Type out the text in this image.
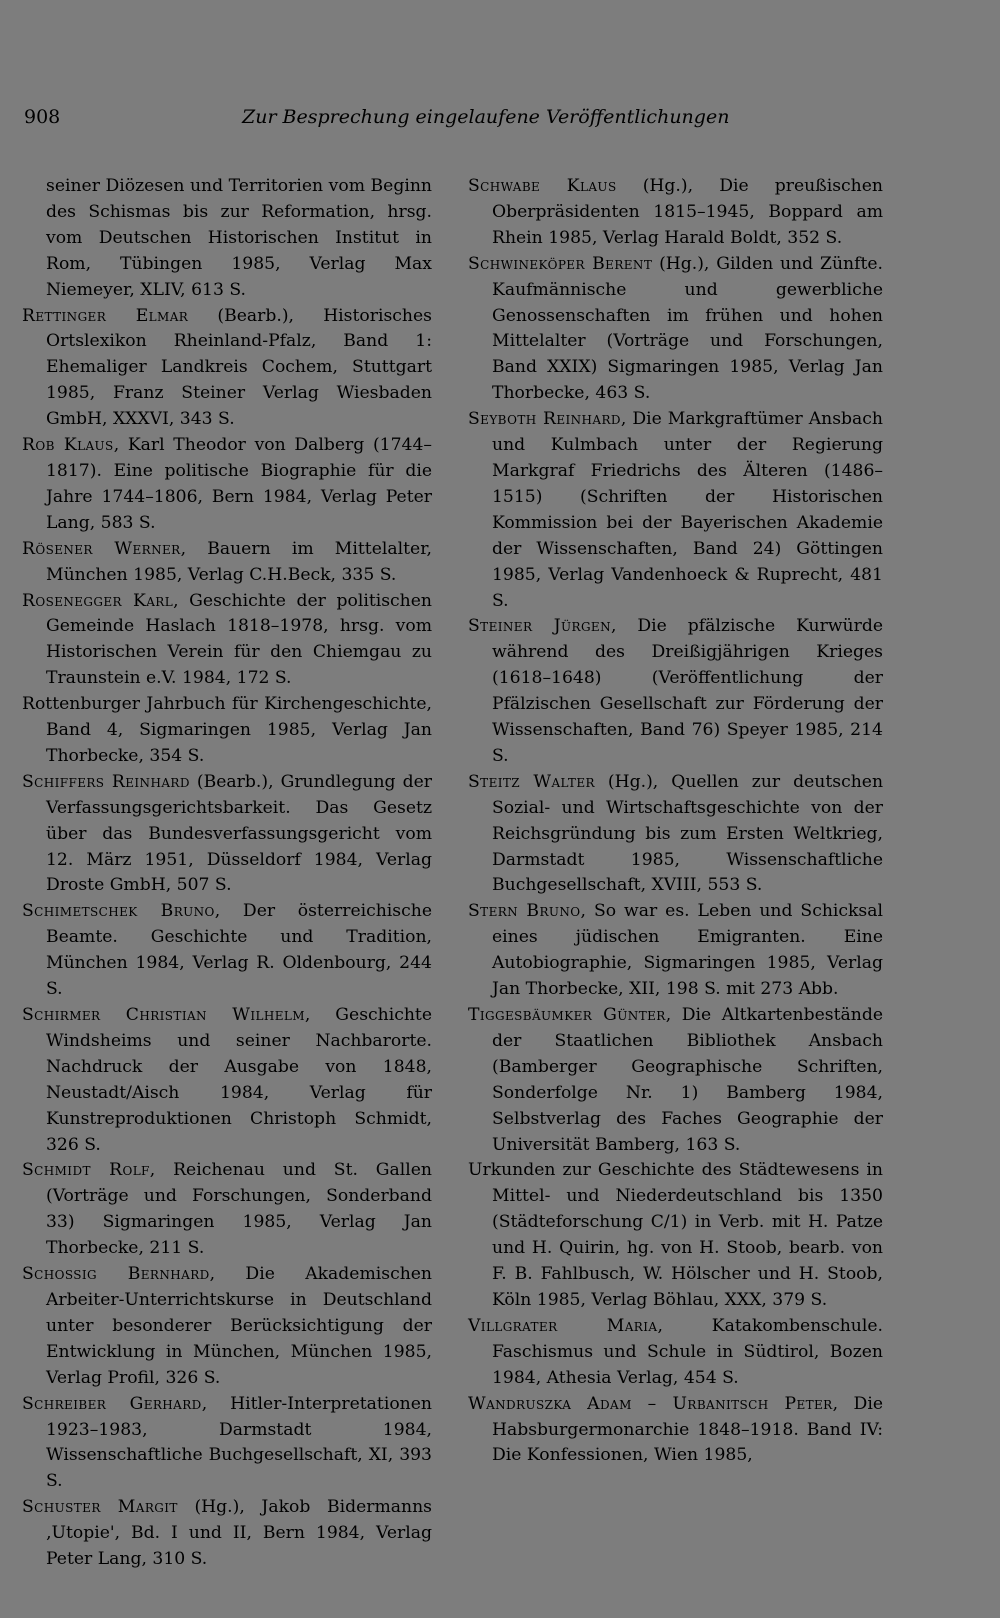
908	Zur Besprechung eingelaufene Veröffentlichungen

seiner Diözesen und Territorien vom Beginn des Schismas bis zur Reformation, hrsg. vom Deutschen Historischen Institut in Rom, Tübingen 1985, Verlag Max Niemeyer, XLIV, 613 S.

Rettinger Elmar (Bearb.), Historisches Ortslexikon Rheinland-Pfalz, Band 1: Ehemaliger Landkreis Cochem, Stuttgart 1985, Franz Steiner Verlag Wiesbaden GmbH, XXXVI, 343 S.

Rob Klaus, Karl Theodor von Dalberg (1744–1817). Eine politische Biographie für die Jahre 1744–1806, Bern 1984, Verlag Peter Lang, 583 S.

Rösener Werner, Bauern im Mittelalter, München 1985, Verlag C.H.Beck, 335 S.

Rosenegger Karl, Geschichte der politischen Gemeinde Haslach 1818–1978, hrsg. vom Historischen Verein für den Chiemgau zu Traunstein e.V. 1984, 172 S.

Rottenburger Jahrbuch für Kirchengeschichte, Band 4, Sigmaringen 1985, Verlag Jan Thorbecke, 354 S.

Schiffers Reinhard (Bearb.), Grundlegung der Verfassungsgerichtsbarkeit. Das Gesetz über das Bundesverfassungsgericht vom 12. März 1951, Düsseldorf 1984, Verlag Droste GmbH, 507 S.

Schimetschek Bruno, Der österreichische Beamte. Geschichte und Tradition, München 1984, Verlag R. Oldenbourg, 244 S.

Schirmer Christian Wilhelm, Geschichte Windsheims und seiner Nachbarorte. Nachdruck der Ausgabe von 1848, Neustadt/Aisch 1984, Verlag für Kunstreproduktionen Christoph Schmidt, 326 S.

Schmidt Rolf, Reichenau und St. Gallen (Vorträge und Forschungen, Sonderband 33) Sigmaringen 1985, Verlag Jan Thorbecke, 211 S.

Schossig Bernhard, Die Akademischen Arbeiter-Unterrichtskurse in Deutschland unter besonderer Berücksichtigung der Entwicklung in München, München 1985, Verlag Profil, 326 S.

Schreiber Gerhard, Hitler-Interpretationen 1923–1983, Darmstadt 1984, Wissenschaftliche Buchgesellschaft, XI, 393 S.

Schuster Margit (Hg.), Jakob Bidermanns ‚Utopie', Bd. I und II, Bern 1984, Verlag Peter Lang, 310 S.

Schwabe Klaus (Hg.), Die preußischen Oberpräsidenten 1815–1945, Boppard am Rhein 1985, Verlag Harald Boldt, 352 S.

Schwineköper Berent (Hg.), Gilden und Zünfte. Kaufmännische und gewerbliche Genossenschaften im frühen und hohen Mittelalter (Vorträge und Forschungen, Band XXIX) Sigmaringen 1985, Verlag Jan Thorbecke, 463 S.

Seyboth Reinhard, Die Markgraftümer Ansbach und Kulmbach unter der Regierung Markgraf Friedrichs des Älteren (1486–1515) (Schriften der Historischen Kommission bei der Bayerischen Akademie der Wissenschaften, Band 24) Göttingen 1985, Verlag Vandenhoeck & Ruprecht, 481 S.

Steiner Jürgen, Die pfälzische Kurwürde während des Dreißigjährigen Krieges (1618–1648) (Veröffentlichung der Pfälzischen Gesellschaft zur Förderung der Wissenschaften, Band 76) Speyer 1985, 214 S.

Steitz Walter (Hg.), Quellen zur deutschen Sozial- und Wirtschaftsgeschichte von der Reichsgründung bis zum Ersten Weltkrieg, Darmstadt 1985, Wissenschaftliche Buchgesellschaft, XVIII, 553 S.

Stern Bruno, So war es. Leben und Schicksal eines jüdischen Emigranten. Eine Autobiographie, Sigmaringen 1985, Verlag Jan Thorbecke, XII, 198 S. mit 273 Abb.

Tiggesbäumker Günter, Die Altkartenbestände der Staatlichen Bibliothek Ansbach (Bamberger Geographische Schriften, Sonderfolge Nr. 1) Bamberg 1984, Selbstverlag des Faches Geographie der Universität Bamberg, 163 S.

Urkunden zur Geschichte des Städtewesens in Mittel- und Niederdeutschland bis 1350 (Städteforschung C/1) in Verb. mit H. Patze und H. Quirin, hg. von H. Stoob, bearb. von F. B. Fahlbusch, W. Hölscher und H. Stoob, Köln 1985, Verlag Böhlau, XXX, 379 S.

Villgrater Maria, Katakombenschule. Faschismus und Schule in Südtirol, Bozen 1984, Athesia Verlag, 454 S.

Wandruszka Adam – Urbanitsch Peter, Die Habsburgermonarchie 1848–1918. Band IV: Die Konfessionen, Wien 1985,
